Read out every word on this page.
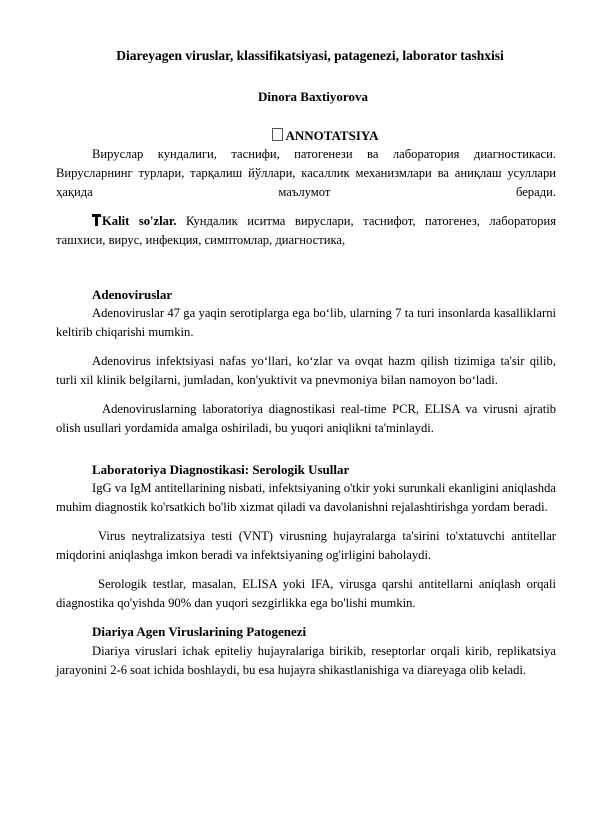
Diareyagen viruslar, klassifikatsiyasi, patagenezi, laborator tashxisi
Dinora Baxtiyorova
ANNOTATSIYA

Вируслар кундалиги, таснифи, патогенези ва лаборатория диагностикаси. Вирусларнинг турлари, тарқалиш йўллари, касаллик механизмлари ва аниқлаш усуллари ҳақида маълумот беради.

Kalit so'zlar. Кундалик иситма вируслари, таснифот, патогенез, лаборатория ташхиси, вирус, инфекция, симптомлар, диагностика,

Adenoviruslar

Adenoviruslar 47 ga yaqin serotiplarga ega bo‘lib, ularning 7 ta turi insonlarda kasalliklarni keltirib chiqarishi mumkin.

Adenovirus infektsiyasi nafas yo‘llari, ko‘zlar va ovqat hazm qilish tizimiga ta'sir qilib, turli xil klinik belgilarni, jumladan, kon'yuktivit va pnevmoniya bilan namoyon bo‘ladi.

Adenoviruslarning laboratoriya diagnostikasi real-time PCR, ELISA va virusni ajratib olish usullari yordamida amalga oshiriladi, bu yuqori aniqlikni ta'minlaydi.

Laboratoriya Diagnostikasi: Serologik Usullar

IgG va IgM antitellarining nisbati, infektsiyaning o'tkir yoki surunkali ekanligini aniqlashda muhim diagnostik ko'rsatkich bo'lib xizmat qiladi va davolanishni rejalashtirishga yordam beradi.

Virus neytralizatsiya testi (VNT) virusning hujayralarga ta'sirini to'xtatuvchi antitellar miqdorini aniqlashga imkon beradi va infektsiyaning og'irligini baholaydi.

Serologik testlar, masalan, ELISA yoki IFA, virusga qarshi antitellarni aniqlash orqali diagnostika qo'yishda 90% dan yuqori sezgirlikka ega bo'lishi mumkin.

Diariya Agen Viruslarining Patogenezi

Diariya viruslari ichak epiteliy hujayralariga birikib, reseptorlar orqali kirib, replikatsiya jarayonini 2-6 soat ichida boshlaydi, bu esa hujayra shikastlanishiga va diareyaga olib keladi.
